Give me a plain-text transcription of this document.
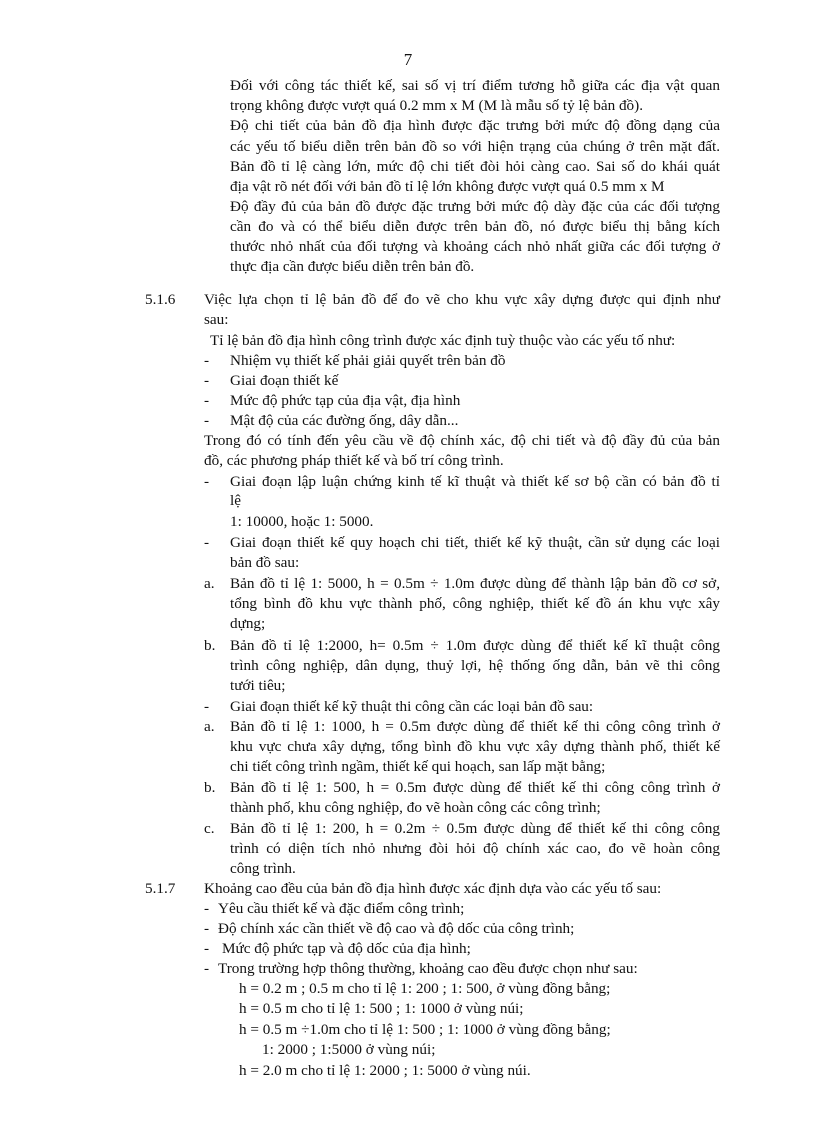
7
Đối với công tác thiết kế, sai số vị trí điểm tương hỗ giữa các địa vật quan
trọng không được vượt quá 0.2 mm x M (M là mẫu số tỷ lệ bản đồ).
Độ chi tiết của bản đồ địa hình được đặc trưng bởi mức độ đồng dạng của
các yếu tố biểu diễn trên bản đồ so với hiện trạng của chúng ở trên mặt đất.
Bản đồ tỉ lệ càng lớn, mức độ chi tiết đòi hỏi càng cao. Sai số do khái quát
địa vật rõ nét đối với bản đồ tỉ lệ lớn không được vượt quá 0.5 mm x M
Độ đầy đủ của bản đồ được đặc trưng bởi mức độ dày đặc của các đối tượng
cần đo và có thể biểu diễn được trên bản đồ, nó được biểu thị bằng kích
thước nhỏ nhất của đối tượng và khoảng cách nhỏ nhất giữa các đối tượng ở
thực địa cần được biểu diễn trên bản đồ.
5.1.6 Việc lựa chọn tỉ lệ bản đồ để đo vẽ cho khu vực xây dựng được qui định như
sau:
Tỉ lệ bản đồ địa hình công trình được xác định tuỳ thuộc vào các yếu tố như:
- Nhiệm vụ thiết kế phải giải quyết trên bản đồ
- Giai đoạn thiết kế
- Mức độ phức tạp của địa vật, địa hình
- Mật độ của các đường ống, dây dẫn...
Trong đó có tính đến yêu cầu về độ chính xác, độ chi tiết và độ đầy đủ của bản
đồ, các phương pháp thiết kế và bố trí công trình.
- Giai đoạn lập luận chứng kinh tế kĩ thuật và thiết kế sơ bộ cần có bản đồ tỉ
lệ
1: 10000, hoặc 1: 5000.
- Giai đoạn thiết kế quy hoạch chi tiết, thiết kế kỹ thuật, cần sử dụng các loại
bản đồ sau:
a. Bản đồ tỉ lệ 1: 5000, h = 0.5m ÷ 1.0m được dùng để thành lập bản đồ cơ sở,
tổng bình đồ khu vực thành phố, công nghiệp, thiết kế đồ án khu vực xây
dựng;
b. Bản đồ tỉ lệ 1:2000, h= 0.5m ÷ 1.0m được dùng để thiết kế kĩ thuật công
trình công nghiệp, dân dụng, thuỷ lợi, hệ thống ống dẫn, bản vẽ thi công
tưới tiêu;
- Giai đoạn thiết kế kỹ thuật thi công cần các loại bản đồ sau:
a. Bản đồ tỉ lệ 1: 1000, h = 0.5m được dùng để thiết kế thi công công trình ở
khu vực chưa xây dựng, tổng bình đồ khu vực xây dựng thành phố, thiết kế
chi tiết công trình ngầm, thiết kế qui hoạch, san lấp mặt bằng;
b. Bản đồ tỉ lệ 1: 500, h = 0.5m được dùng để thiết kế thi công công trình ở
thành phố, khu công nghiệp, đo vẽ hoàn công các công trình;
c. Bản đồ tỉ lệ 1: 200, h = 0.2m ÷ 0.5m được dùng để thiết kế thi công công
trình có diện tích nhỏ nhưng đòi hỏi độ chính xác cao, đo vẽ hoàn công
công trình.
5.1.7 Khoảng cao đều của bản đồ địa hình được xác định dựa vào các yếu tố sau:
- Yêu cầu thiết kế và đặc điểm công trình;
- Độ chính xác cần thiết về độ cao và độ dốc của công trình;
- Mức độ phức tạp và độ dốc của địa hình;
- Trong trường hợp thông thường, khoảng cao đều được chọn như sau:
h = 0.2 m ; 0.5 m cho tỉ lệ 1: 200 ; 1: 500, ở vùng đồng bằng;
h = 0.5 m cho tỉ lệ 1: 500 ; 1: 1000 ở vùng núi;
h = 0.5 m ÷1.0m cho tỉ lệ 1: 500 ; 1: 1000 ở vùng đồng bằng;
1: 2000 ; 1:5000 ở vùng núi;
h = 2.0 m cho tỉ lệ 1: 2000 ; 1: 5000 ở vùng núi.
